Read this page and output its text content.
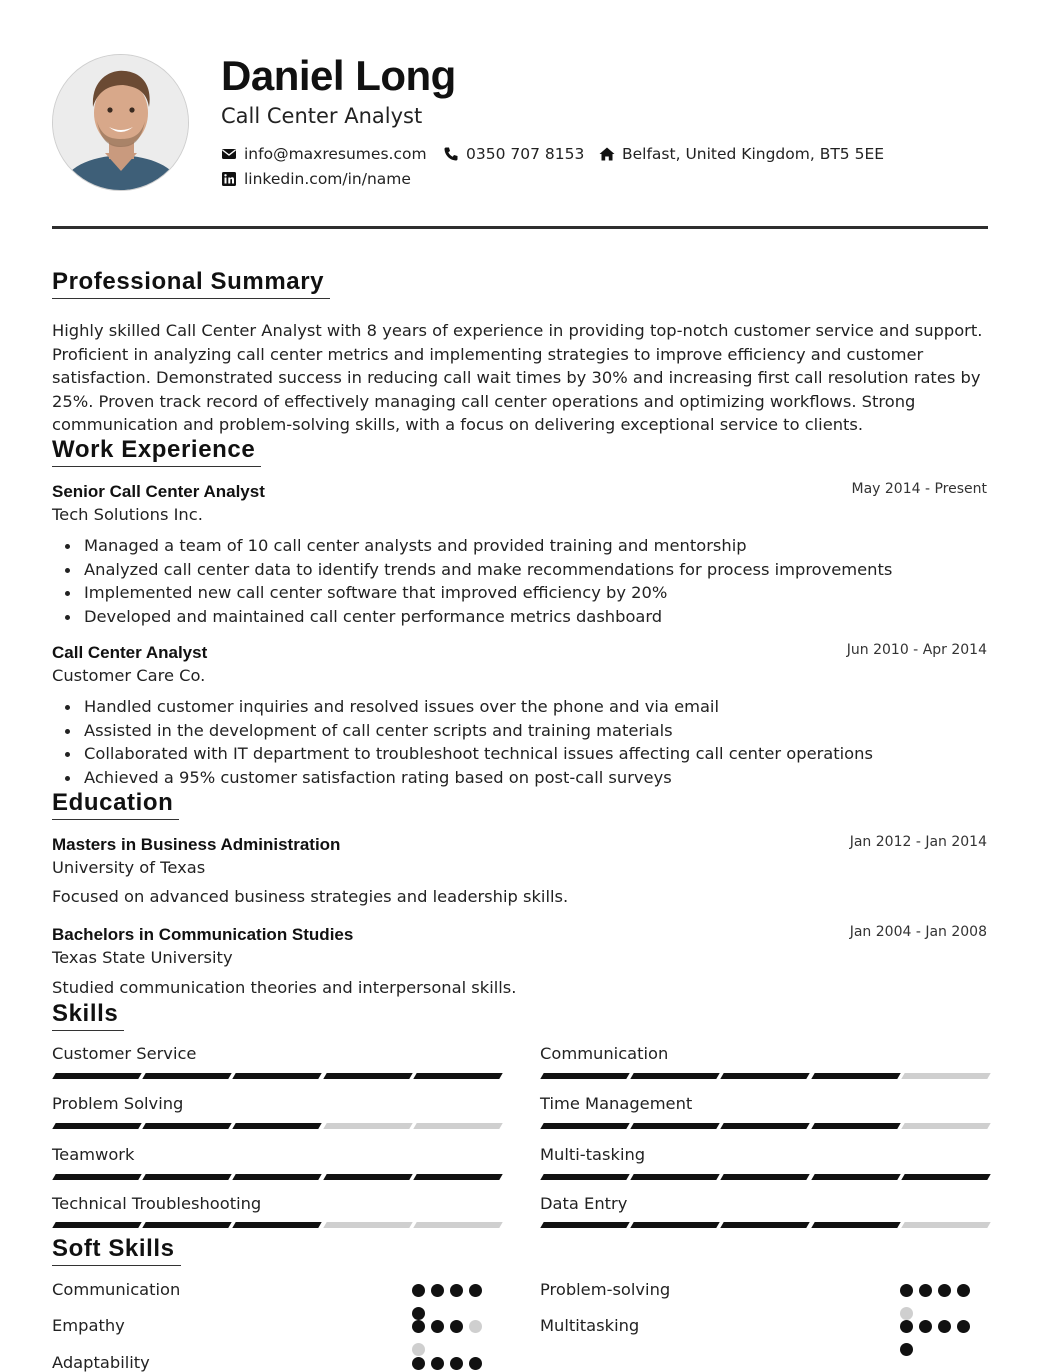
Daniel Long
Call Center Analyst
info@maxresumes.com	0350 707 8153 Belfast, United Kingdom, BT5 5EE
linkedin.com/in/name
Professional Summary
Highly skilled Call Center Analyst with 8 years of experience in providing top-notch customer service and support. Proficient in analyzing call center metrics and implementing strategies to improve efficiency and customer satisfaction. Demonstrated success in reducing call wait times by 30% and increasing first call resolution rates by 25%. Proven track record of effectively managing call center operations and optimizing workflows. Strong communication and problem-solving skills, with a focus on delivering exceptional service to clients.
Work Experience
Senior Call Center Analyst	May 2014 - Present
Tech Solutions Inc.
Managed a team of 10 call center analysts and provided training and mentorship
Analyzed call center data to identify trends and make recommendations for process improvements
Implemented new call center software that improved efficiency by 20%
Developed and maintained call center performance metrics dashboard
Call Center Analyst	Jun 2010 - Apr 2014
Customer Care Co.
Handled customer inquiries and resolved issues over the phone and via email
Assisted in the development of call center scripts and training materials
Collaborated with IT department to troubleshoot technical issues affecting call center operations
Achieved a 95% customer satisfaction rating based on post-call surveys
Education
Masters in Business Administration	Jan 2012 - Jan 2014
University of Texas
Focused on advanced business strategies and leadership skills.
Bachelors in Communication Studies	Jan 2004 - Jan 2008
Texas State University
Studied communication theories and interpersonal skills.
Skills
Customer Service	Communication
Problem Solving	Time Management
Teamwork	Multi-tasking
Technical Troubleshooting	Data Entry
Soft Skills
Communication	Problem-solving
Empathy	Multitasking
Adaptability
